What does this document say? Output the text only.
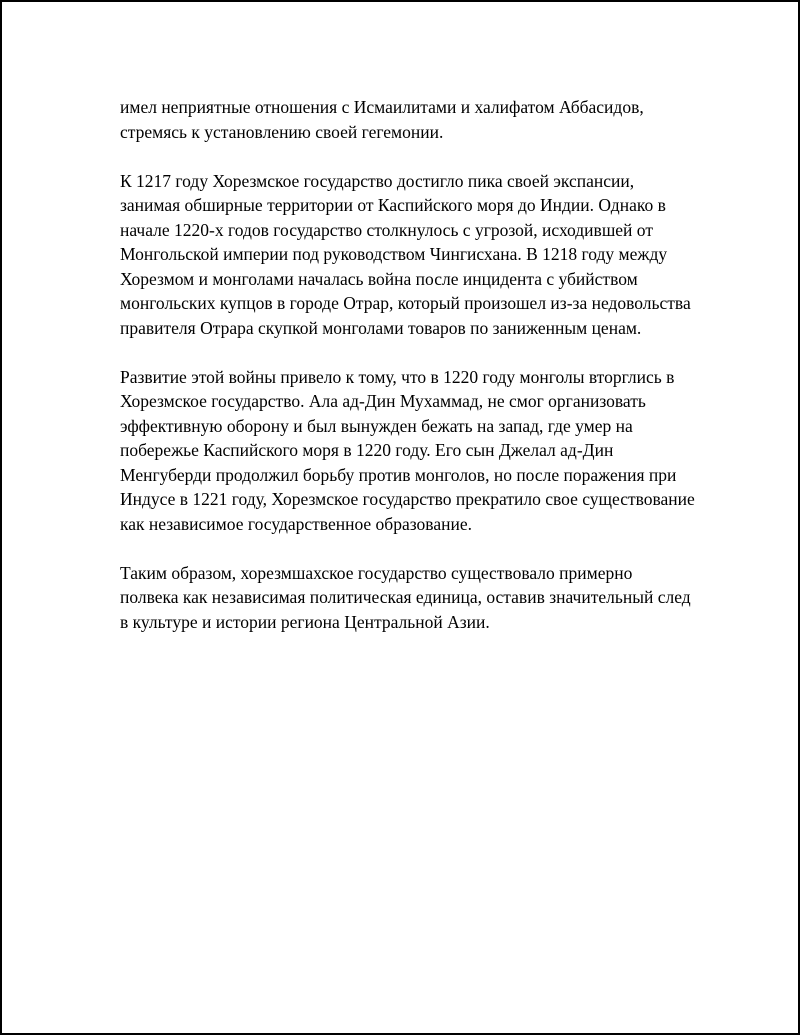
имел неприятные отношения с Исмаилитами и халифатом Аббасидов, стремясь к установлению своей гегемонии.

К 1217 году Хорезмское государство достигло пика своей экспансии, занимая обширные территории от Каспийского моря до Индии. Однако в начале 1220-х годов государство столкнулось с угрозой, исходившей от Монгольской империи под руководством Чингисхана. В 1218 году между Хорезмом и монголами началась война после инцидента с убийством монгольских купцов в городе Отрар, который произошел из-за недовольства правителя Отрара скупкой монголами товаров по заниженным ценам.

Развитие этой войны привело к тому, что в 1220 году монголы вторглись в Хорезмское государство. Ала ад-Дин Мухаммад, не смог организовать эффективную оборону и был вынужден бежать на запад, где умер на побережье Каспийского моря в 1220 году. Его сын Джелал ад-Дин Менгуберди продолжил борьбу против монголов, но после поражения при Индусе в 1221 году, Хорезмское государство прекратило свое существование как независимое государственное образование.

Таким образом, хорезмшахское государство существовало примерно полвека как независимая политическая единица, оставив значительный след в культуре и истории региона Центральной Азии.
